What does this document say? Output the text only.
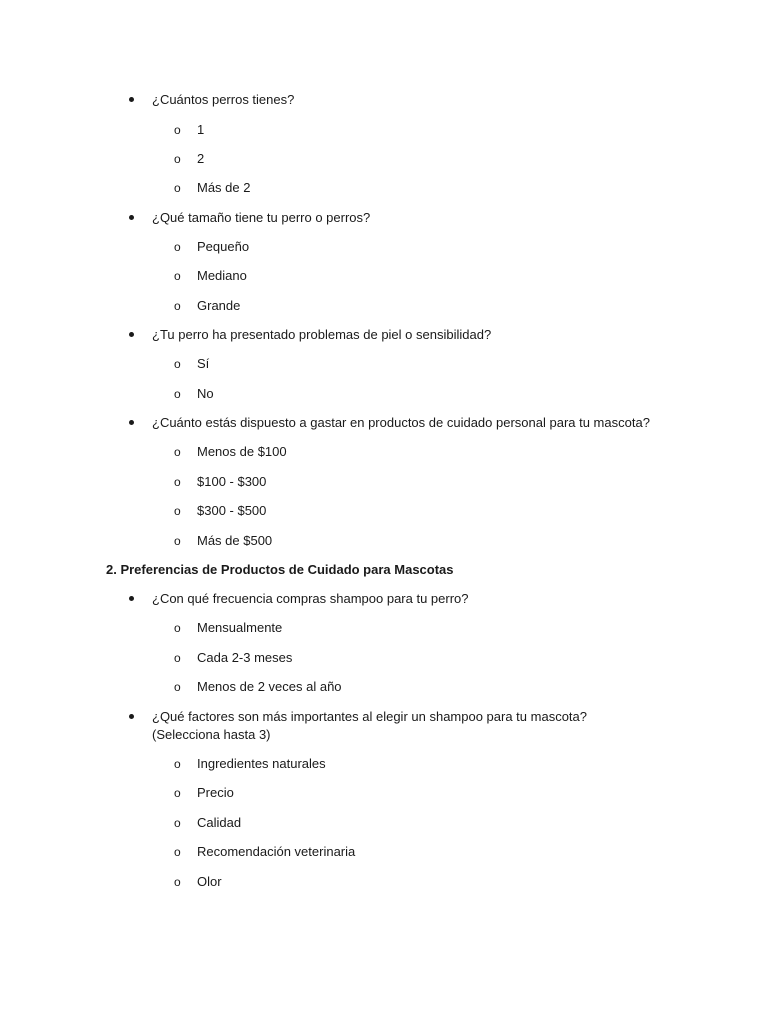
¿Cuántos perros tienes?
o 1
o 2
o Más de 2
¿Qué tamaño tiene tu perro o perros?
o Pequeño
o Mediano
o Grande
¿Tu perro ha presentado problemas de piel o sensibilidad?
o Sí
o No
¿Cuánto estás dispuesto a gastar en productos de cuidado personal para tu mascota?
o Menos de $100
o $100 - $300
o $300 - $500
o Más de $500
2. Preferencias de Productos de Cuidado para Mascotas
¿Con qué frecuencia compras shampoo para tu perro?
o Mensualmente
o Cada 2-3 meses
o Menos de 2 veces al año
¿Qué factores son más importantes al elegir un shampoo para tu mascota? (Selecciona hasta 3)
o Ingredientes naturales
o Precio
o Calidad
o Recomendación veterinaria
o Olor
